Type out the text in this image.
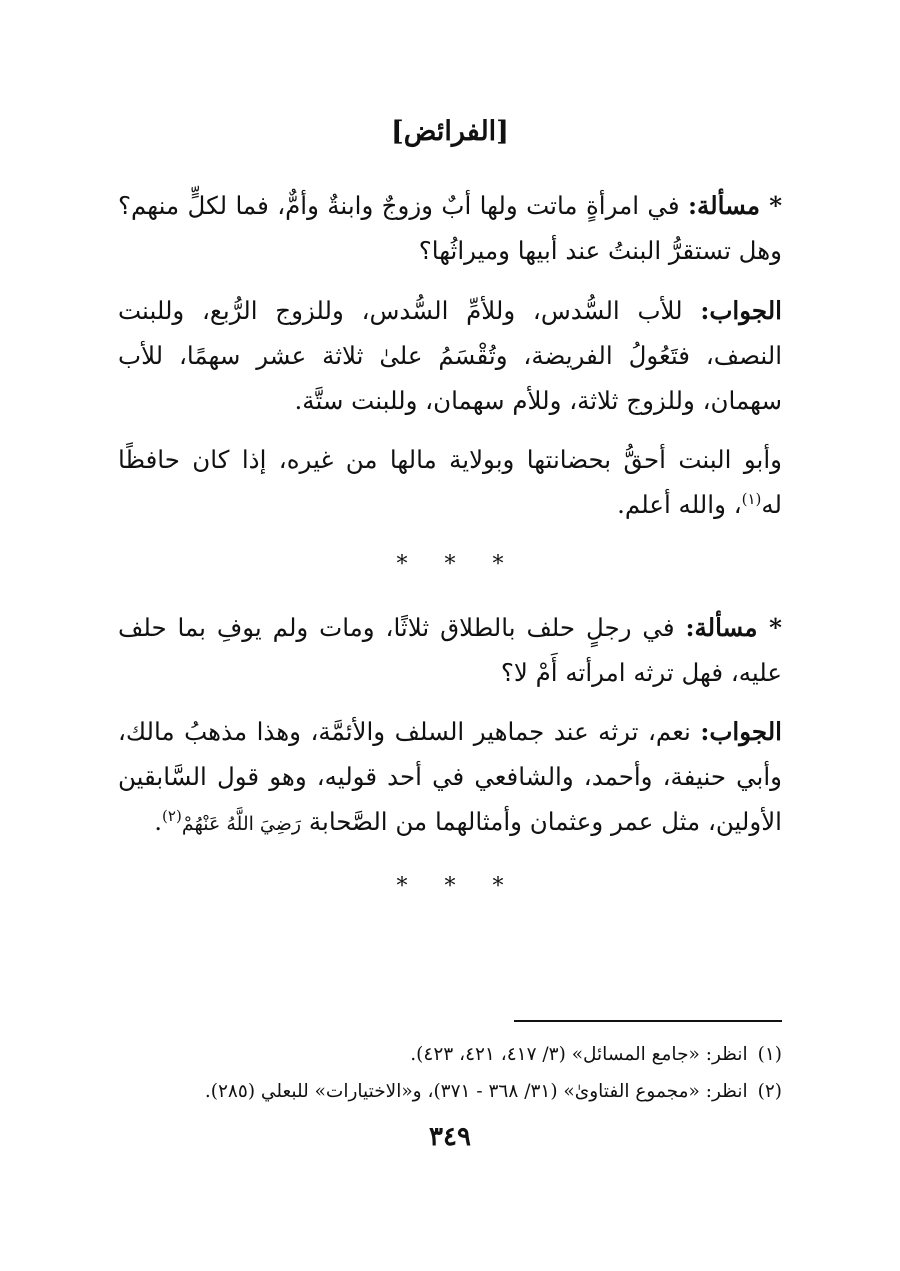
[الفرائض]

* مسألة: في امرأةٍ ماتت ولها أبٌ وزوجٌ وابنةٌ وأمٌّ، فما لكلٍّ منهم؟ وهل تستقرُّ البنتُ عند أبيها وميراثُها؟

الجواب: للأب السُّدس، وللأمِّ السُّدس، وللزوج الرُّبع، وللبنت النصف، فتَعُولُ الفريضة، وتُقْسَمُ علىٰ ثلاثة عشر سهمًا، للأب سهمان، وللزوج ثلاثة، وللأم سهمان، وللبنت ستَّة.

وأبو البنت أحقُّ بحضانتها وبولاية مالها من غيره، إذا كان حافظًا له$^{(١)}$، والله أعلم.

* * *

* مسألة: في رجلٍ حلف بالطلاق ثلاثًا، ومات ولم يوفِ بما حلف عليه، فهل ترثه امرأته أَمْ لا؟

الجواب: نعم، ترثه عند جماهير السلف والأئمَّة، وهذا مذهبُ مالك، وأبي حنيفة، وأحمد، والشافعي في أحد قوليه، وهو قول السَّابقين الأولين، مثل عمر وعثمان وأمثالهما من الصَّحابة رَضِيَ اللَّهُ عَنْهُمْ$^{(٢)}$.

* * *

(١)انظر: «جامع المسائل» (٣/ ٤١٧، ٤٢١، ٤٢٣).

(٢)انظر: «مجموع الفتاوىٰ» (٣١/ ٣٦٨ - ٣٧١)، و«الاختيارات» للبعلي (٢٨٥).

٣٤٩
